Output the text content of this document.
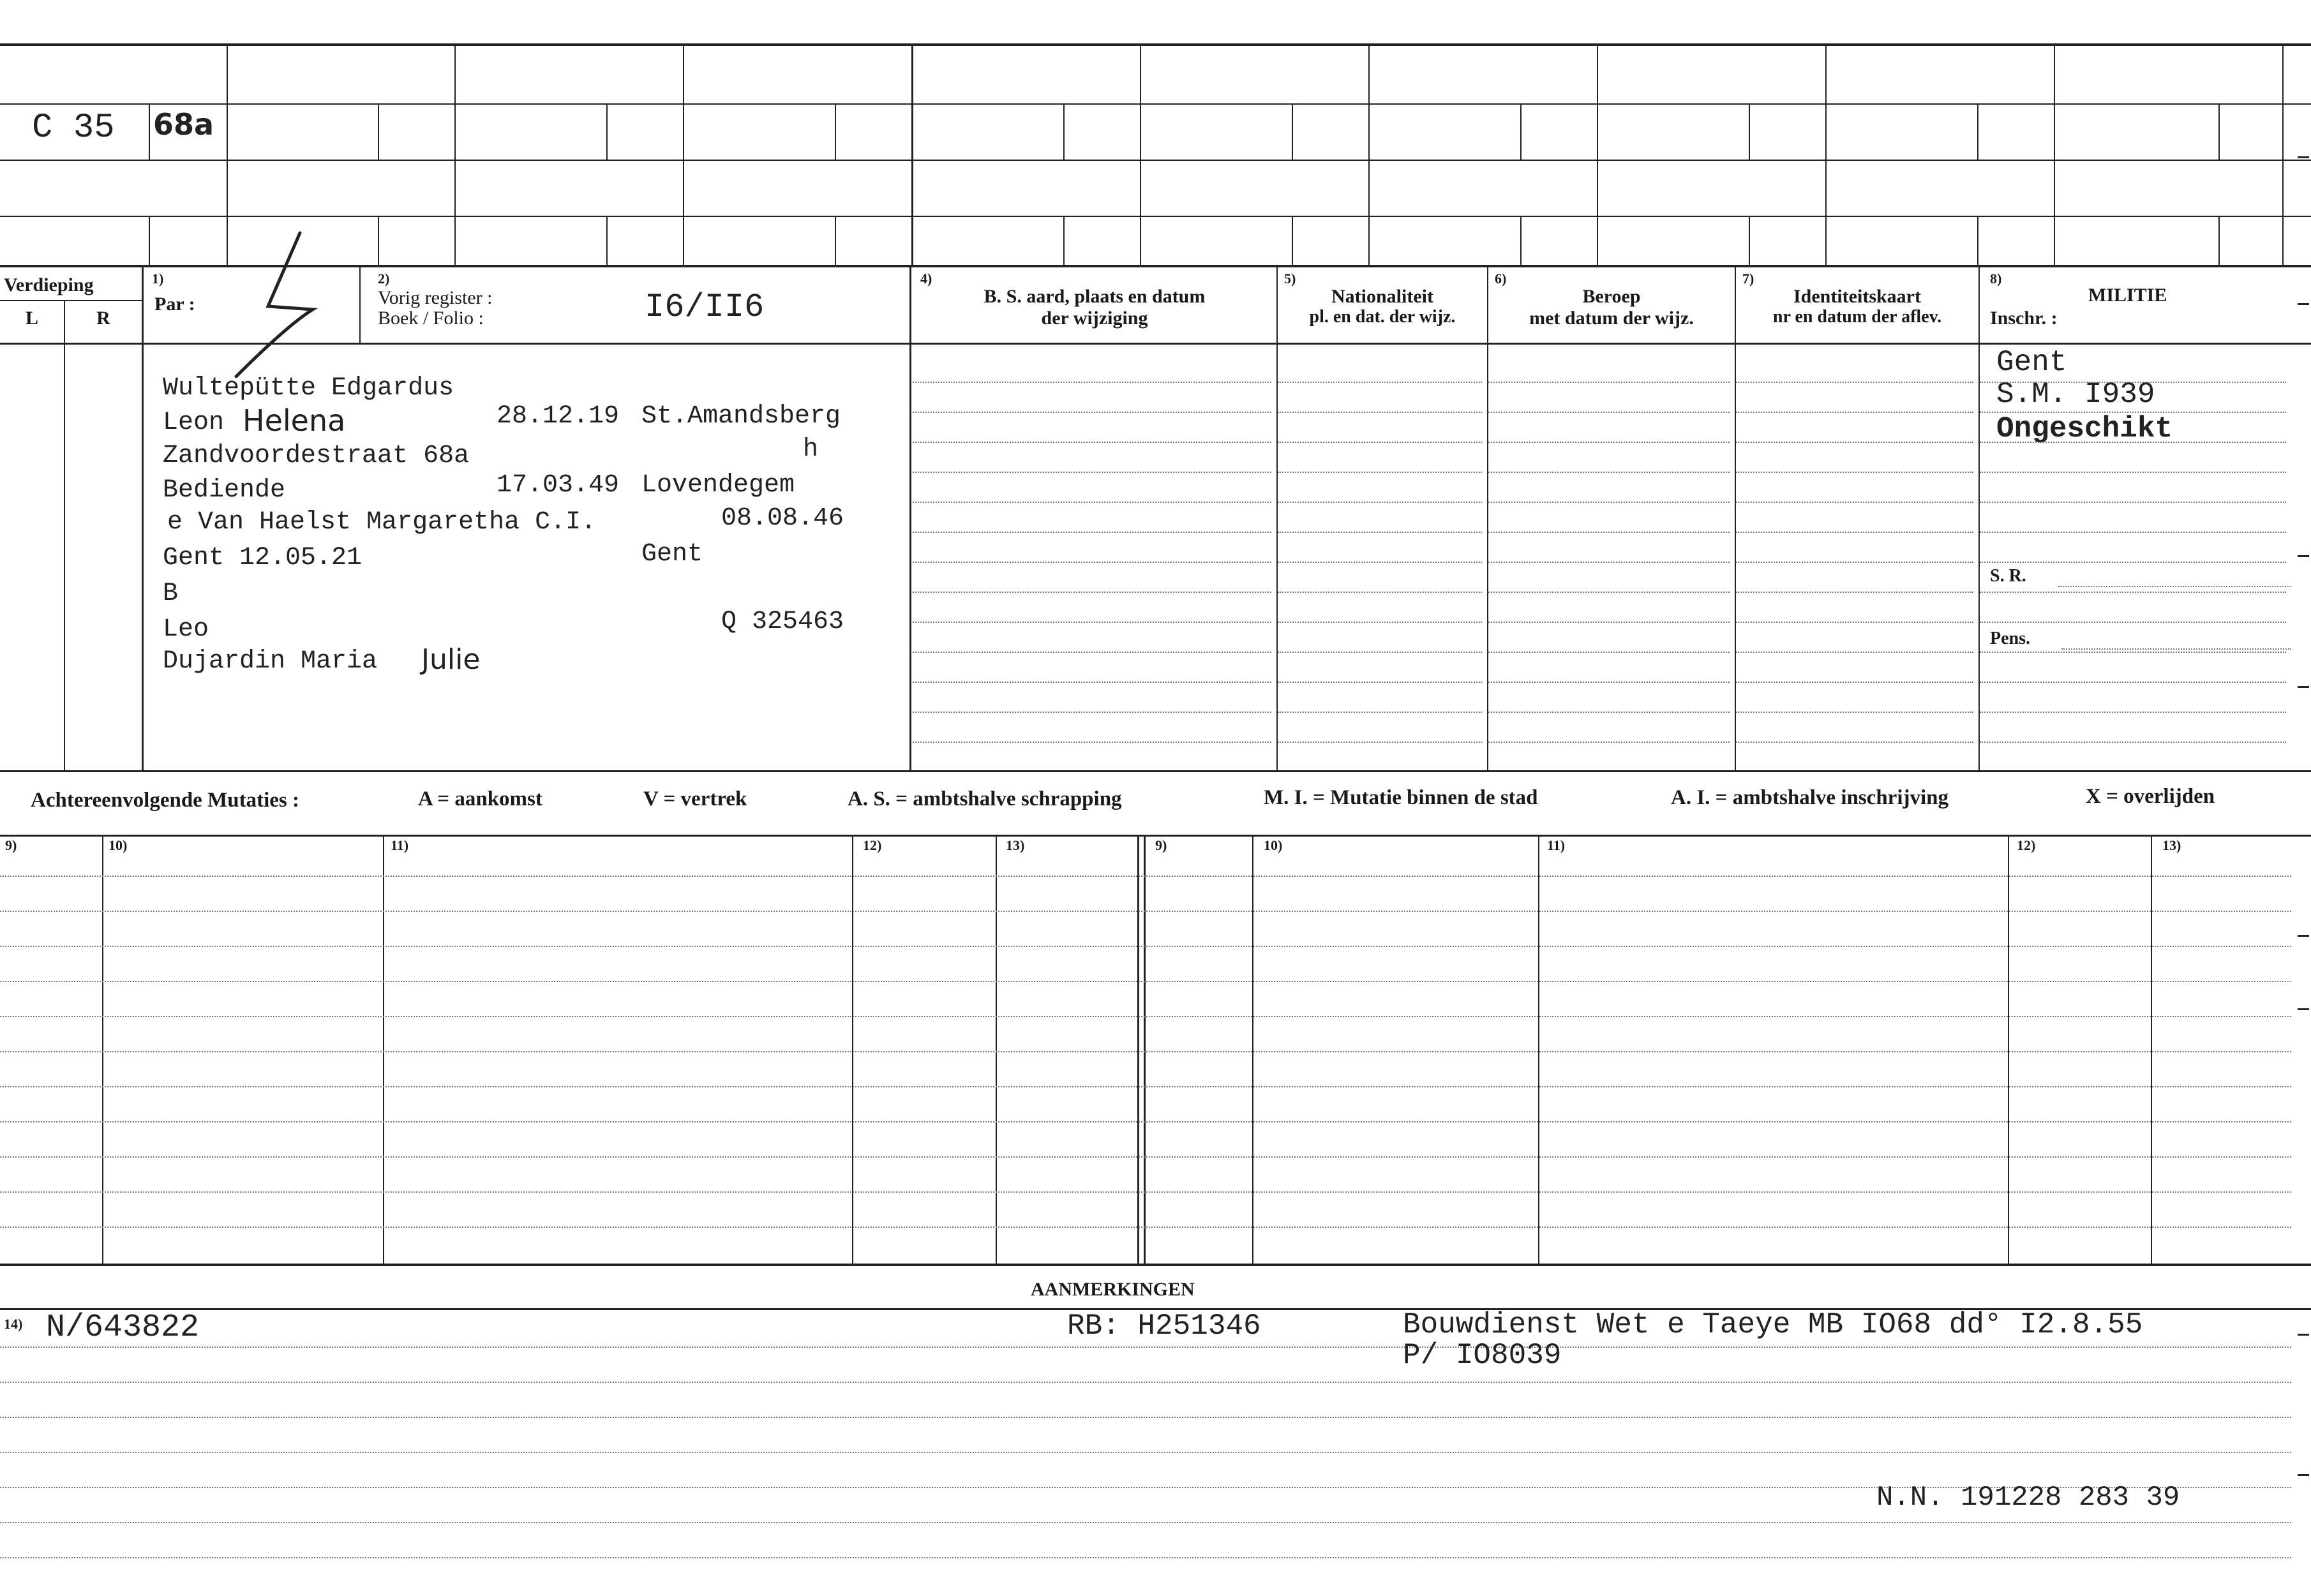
C 35 68a
Verdieping
L	R
1)
Par :
2)
Vorig register :
Boek / Folio :	I6/II6
4)
B. S. aard, plaats en datum
der wijziging
5)
Nationaliteit
pl. en dat. der wijz.
6)
Beroep
met datum der wijz.
7)
Identiteitskaart
nr en datum der aflev.
8)
MILITIE
Inschr. :
Wultepütte Edgardus
Leon Helena	28.12.19 St.Amandsberg
Zandvoordestraat 68a	h
Bediende	17.03.49 Lovendegem
e Van Haelst Margaretha C.I.	08.08.46
Gent 12.05.21	Gent
B
Leo	Q 325463
Dujardin Maria Julie
Gent
S.M. I939
Ongeschikt
S. R.
Pens.
Achtereenvolgende Mutaties :	A = aankomst	V = vertrek	A. S. = ambtshalve schrapping	M. I. = Mutatie binnen de stad	A. I. = ambtshalve inschrijving	X = overlijden
9)	10)	11)	12)	13)	9)	10)	11)	12)	13)
AANMERKINGEN
14) N/643822	RB: H251346	Bouwdienst Wet e Taeye MB IO68 dd° I2.8.55
P/ IO8039
N.N. 191228 283 39
